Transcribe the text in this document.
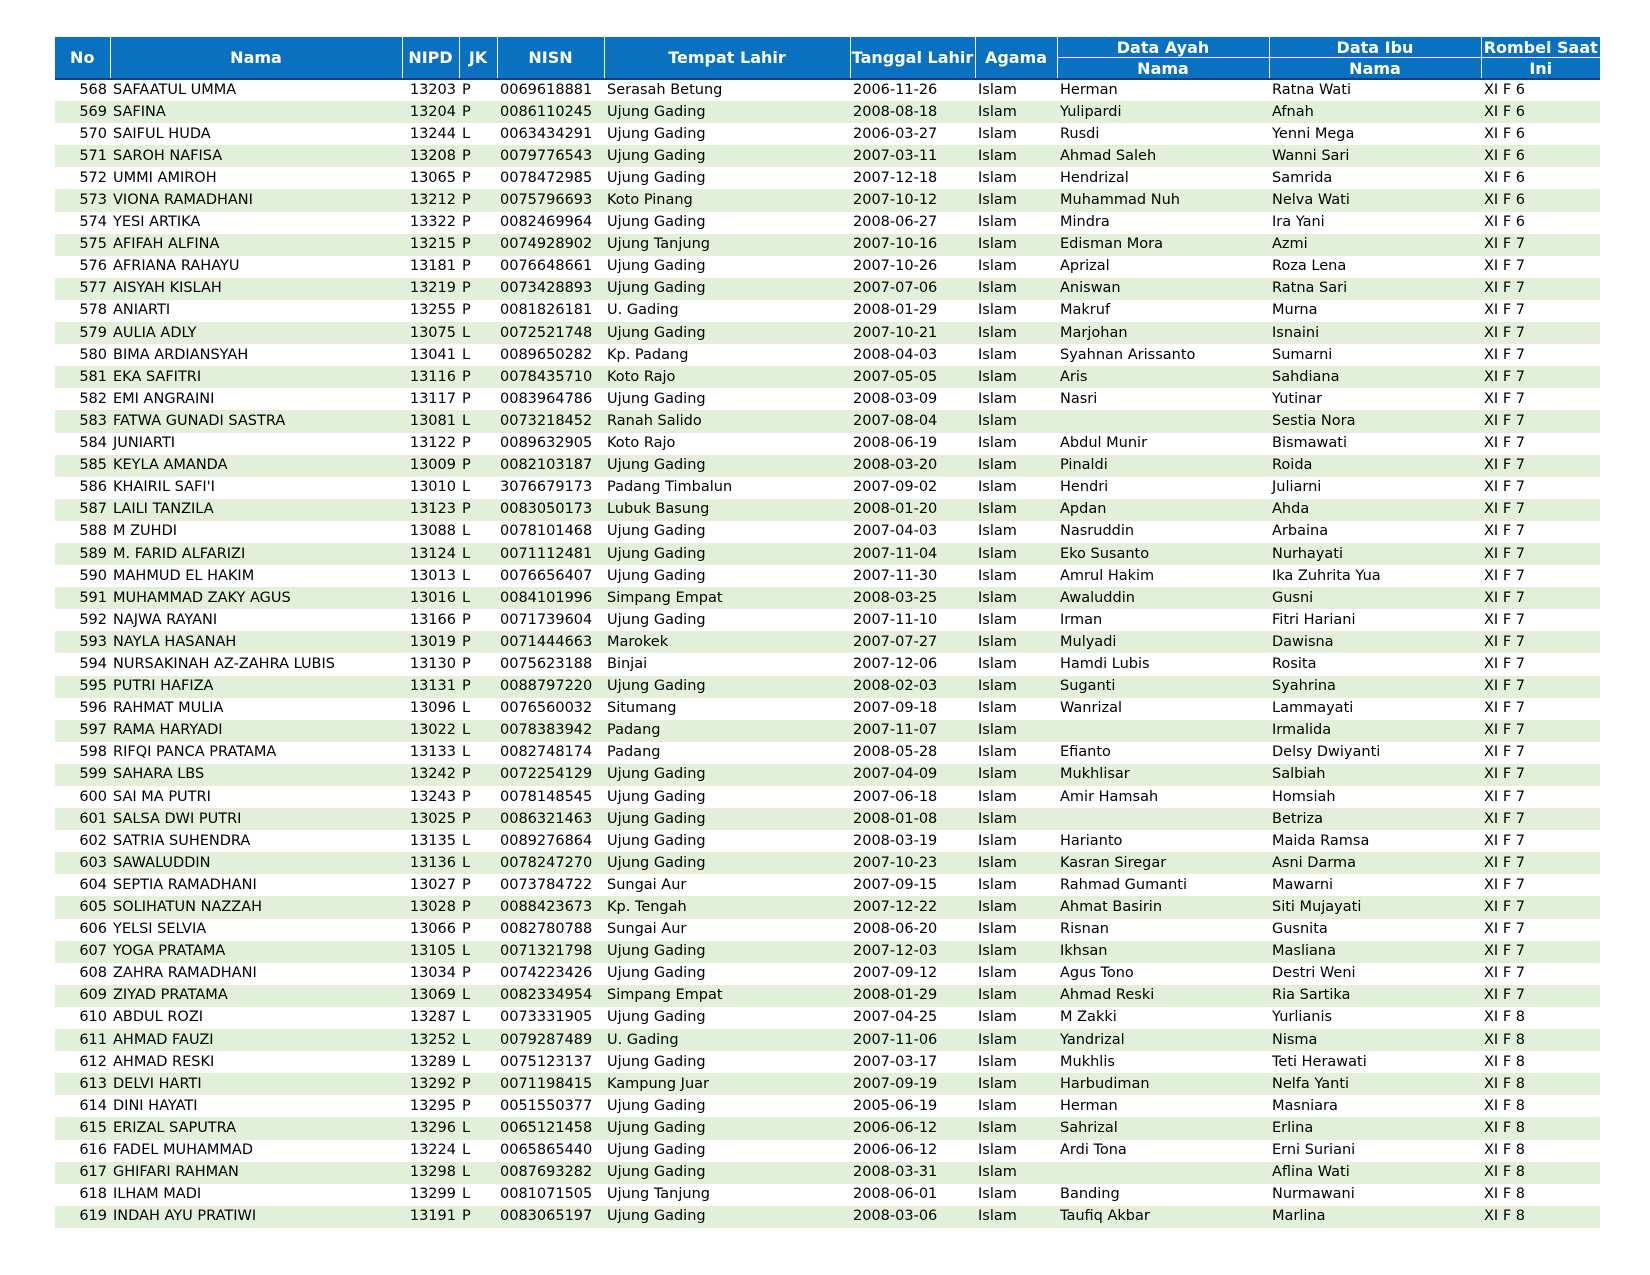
No	Nama	NIPD	JK	NISN	Tempat Lahir	Tanggal Lahir	Agama	Data Ayah	Data Ibu	Rombel Saat
								Nama	Nama	Ini
568	SAFAATUL UMMA	13203	P	0069618881	Serasah Betung	2006-11-26	Islam	Herman	Ratna Wati	XI F 6
569	SAFINA	13204	P	0086110245	Ujung Gading	2008-08-18	Islam	Yulipardi	Afnah	XI F 6
570	SAIFUL HUDA	13244	L	0063434291	Ujung Gading	2006-03-27	Islam	Rusdi	Yenni Mega	XI F 6
571	SAROH NAFISA	13208	P	0079776543	Ujung Gading	2007-03-11	Islam	Ahmad Saleh	Wanni Sari	XI F 6
572	UMMI AMIROH	13065	P	0078472985	Ujung Gading	2007-12-18	Islam	Hendrizal	Samrida	XI F 6
573	VIONA RAMADHANI	13212	P	0075796693	Koto Pinang	2007-10-12	Islam	Muhammad Nuh	Nelva Wati	XI F 6
574	YESI ARTIKA	13322	P	0082469964	Ujung Gading	2008-06-27	Islam	Mindra	Ira Yani	XI F 6
575	AFIFAH ALFINA	13215	P	0074928902	Ujung Tanjung	2007-10-16	Islam	Edisman Mora	Azmi	XI F 7
576	AFRIANA RAHAYU	13181	P	0076648661	Ujung Gading	2007-10-26	Islam	Aprizal	Roza Lena	XI F 7
577	AISYAH KISLAH	13219	P	0073428893	Ujung Gading	2007-07-06	Islam	Aniswan	Ratna Sari	XI F 7
578	ANIARTI	13255	P	0081826181	U. Gading	2008-01-29	Islam	Makruf	Murna	XI F 7
579	AULIA ADLY	13075	L	0072521748	Ujung Gading	2007-10-21	Islam	Marjohan	Isnaini	XI F 7
580	BIMA ARDIANSYAH	13041	L	0089650282	Kp. Padang	2008-04-03	Islam	Syahnan Arissanto	Sumarni	XI F 7
581	EKA SAFITRI	13116	P	0078435710	Koto Rajo	2007-05-05	Islam	Aris	Sahdiana	XI F 7
582	EMI ANGRAINI	13117	P	0083964786	Ujung Gading	2008-03-09	Islam	Nasri	Yutinar	XI F 7
583	FATWA GUNADI SASTRA	13081	L	0073218452	Ranah Salido	2007-08-04	Islam		Sestia Nora	XI F 7
584	JUNIARTI	13122	P	0089632905	Koto Rajo	2008-06-19	Islam	Abdul Munir	Bismawati	XI F 7
585	KEYLA AMANDA	13009	P	0082103187	Ujung Gading	2008-03-20	Islam	Pinaldi	Roida	XI F 7
586	KHAIRIL SAFI'I	13010	L	3076679173	Padang Timbalun	2007-09-02	Islam	Hendri	Juliarni	XI F 7
587	LAILI TANZILA	13123	P	0083050173	Lubuk Basung	2008-01-20	Islam	Apdan	Ahda	XI F 7
588	M ZUHDI	13088	L	0078101468	Ujung Gading	2007-04-03	Islam	Nasruddin	Arbaina	XI F 7
589	M. FARID ALFARIZI	13124	L	0071112481	Ujung Gading	2007-11-04	Islam	Eko Susanto	Nurhayati	XI F 7
590	MAHMUD EL HAKIM	13013	L	0076656407	Ujung Gading	2007-11-30	Islam	Amrul Hakim	Ika Zuhrita Yua	XI F 7
591	MUHAMMAD ZAKY AGUS	13016	L	0084101996	Simpang Empat	2008-03-25	Islam	Awaluddin	Gusni	XI F 7
592	NAJWA RAYANI	13166	P	0071739604	Ujung Gading	2007-11-10	Islam	Irman	Fitri Hariani	XI F 7
593	NAYLA HASANAH	13019	P	0071444663	Marokek	2007-07-27	Islam	Mulyadi	Dawisna	XI F 7
594	NURSAKINAH AZ-ZAHRA LUBIS	13130	P	0075623188	Binjai	2007-12-06	Islam	Hamdi Lubis	Rosita	XI F 7
595	PUTRI HAFIZA	13131	P	0088797220	Ujung Gading	2008-02-03	Islam	Suganti	Syahrina	XI F 7
596	RAHMAT MULIA	13096	L	0076560032	Situmang	2007-09-18	Islam	Wanrizal	Lammayati	XI F 7
597	RAMA HARYADI	13022	L	0078383942	Padang	2007-11-07	Islam		Irmalida	XI F 7
598	RIFQI PANCA PRATAMA	13133	L	0082748174	Padang	2008-05-28	Islam	Efianto	Delsy Dwiyanti	XI F 7
599	SAHARA LBS	13242	P	0072254129	Ujung Gading	2007-04-09	Islam	Mukhlisar	Salbiah	XI F 7
600	SAI MA PUTRI	13243	P	0078148545	Ujung Gading	2007-06-18	Islam	Amir Hamsah	Homsiah	XI F 7
601	SALSA DWI PUTRI	13025	P	0086321463	Ujung Gading	2008-01-08	Islam		Betriza	XI F 7
602	SATRIA SUHENDRA	13135	L	0089276864	Ujung Gading	2008-03-19	Islam	Harianto	Maida Ramsa	XI F 7
603	SAWALUDDIN	13136	L	0078247270	Ujung Gading	2007-10-23	Islam	Kasran Siregar	Asni Darma	XI F 7
604	SEPTIA RAMADHANI	13027	P	0073784722	Sungai Aur	2007-09-15	Islam	Rahmad Gumanti	Mawarni	XI F 7
605	SOLIHATUN NAZZAH	13028	P	0088423673	Kp. Tengah	2007-12-22	Islam	Ahmat Basirin	Siti Mujayati	XI F 7
606	YELSI SELVIA	13066	P	0082780788	Sungai Aur	2008-06-20	Islam	Risnan	Gusnita	XI F 7
607	YOGA PRATAMA	13105	L	0071321798	Ujung Gading	2007-12-03	Islam	Ikhsan	Masliana	XI F 7
608	ZAHRA RAMADHANI	13034	P	0074223426	Ujung Gading	2007-09-12	Islam	Agus Tono	Destri Weni	XI F 7
609	ZIYAD PRATAMA	13069	L	0082334954	Simpang Empat	2008-01-29	Islam	Ahmad Reski	Ria Sartika	XI F 7
610	ABDUL ROZI	13287	L	0073331905	Ujung Gading	2007-04-25	Islam	M Zakki	Yurlianis	XI F 8
611	AHMAD FAUZI	13252	L	0079287489	U. Gading	2007-11-06	Islam	Yandrizal	Nisma	XI F 8
612	AHMAD RESKI	13289	L	0075123137	Ujung Gading	2007-03-17	Islam	Mukhlis	Teti Herawati	XI F 8
613	DELVI HARTI	13292	P	0071198415	Kampung Juar	2007-09-19	Islam	Harbudiman	Nelfa Yanti	XI F 8
614	DINI HAYATI	13295	P	0051550377	Ujung Gading	2005-06-19	Islam	Herman	Masniara	XI F 8
615	ERIZAL SAPUTRA	13296	L	0065121458	Ujung Gading	2006-06-12	Islam	Sahrizal	Erlina	XI F 8
616	FADEL MUHAMMAD	13224	L	0065865440	Ujung Gading	2006-06-12	Islam	Ardi Tona	Erni Suriani	XI F 8
617	GHIFARI RAHMAN	13298	L	0087693282	Ujung Gading	2008-03-31	Islam		Aflina Wati	XI F 8
618	ILHAM MADI	13299	L	0081071505	Ujung Tanjung	2008-06-01	Islam	Banding	Nurmawani	XI F 8
619	INDAH AYU PRATIWI	13191	P	0083065197	Ujung Gading	2008-03-06	Islam	Taufiq Akbar	Marlina	XI F 8
